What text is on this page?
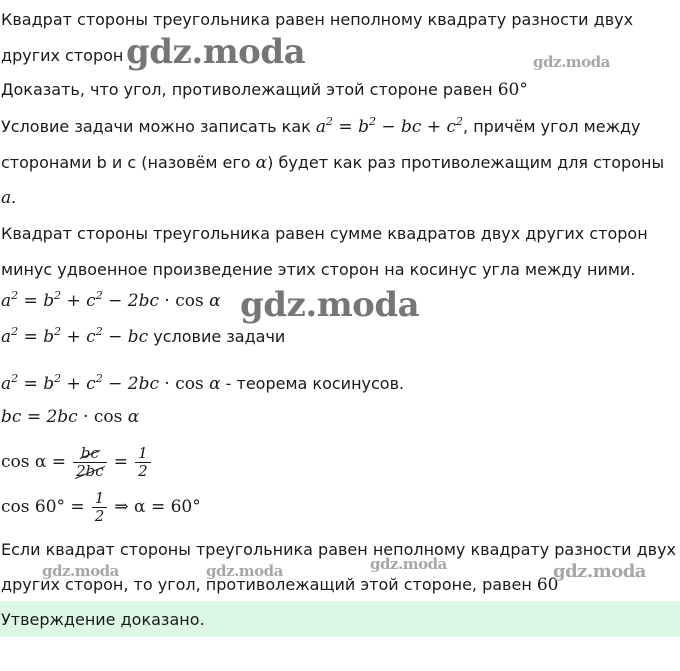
Квадрат стороны треугольника равен неполному квадрату разности двух
других сторон
Доказать, что угол, противолежащий этой стороне равен 60°
Условие задачи можно записать как $a^2 = b^2$ − bc + $c^2$, причём угол между
сторонами b и c (назовём его α) будет как раз противолежащим для стороны
a.
Квадрат стороны треугольника равен сумме квадратов двух других сторон
минус удвоенное произведение этих сторон на косинус угла между ними.
$a^2 = b^2 + c^2 - 2bc \cdot \cos \alpha$
$a^2 = b^2 + c^2$ − bc условие задачи
$a^2 = b^2 + c^2 - 2bc \cdot \cos \alpha$ - теорема косинусов.
bc = 2bc · cos α
$\cos \alpha = \frac{bc}{2bc} = \frac{1}{2}$
$\cos 60^\circ = \frac{1}{2}$ ⇒ α = 60°
Если квадрат стороны треугольника равен неполному квадрату разности двух
других сторон, то угол, противолежащий этой стороне, равен 60
Утверждение доказано.
gdz.moda	gdz.moda
gdz.moda
gdz.moda	gdz.moda	gdz.moda	gdz.moda
